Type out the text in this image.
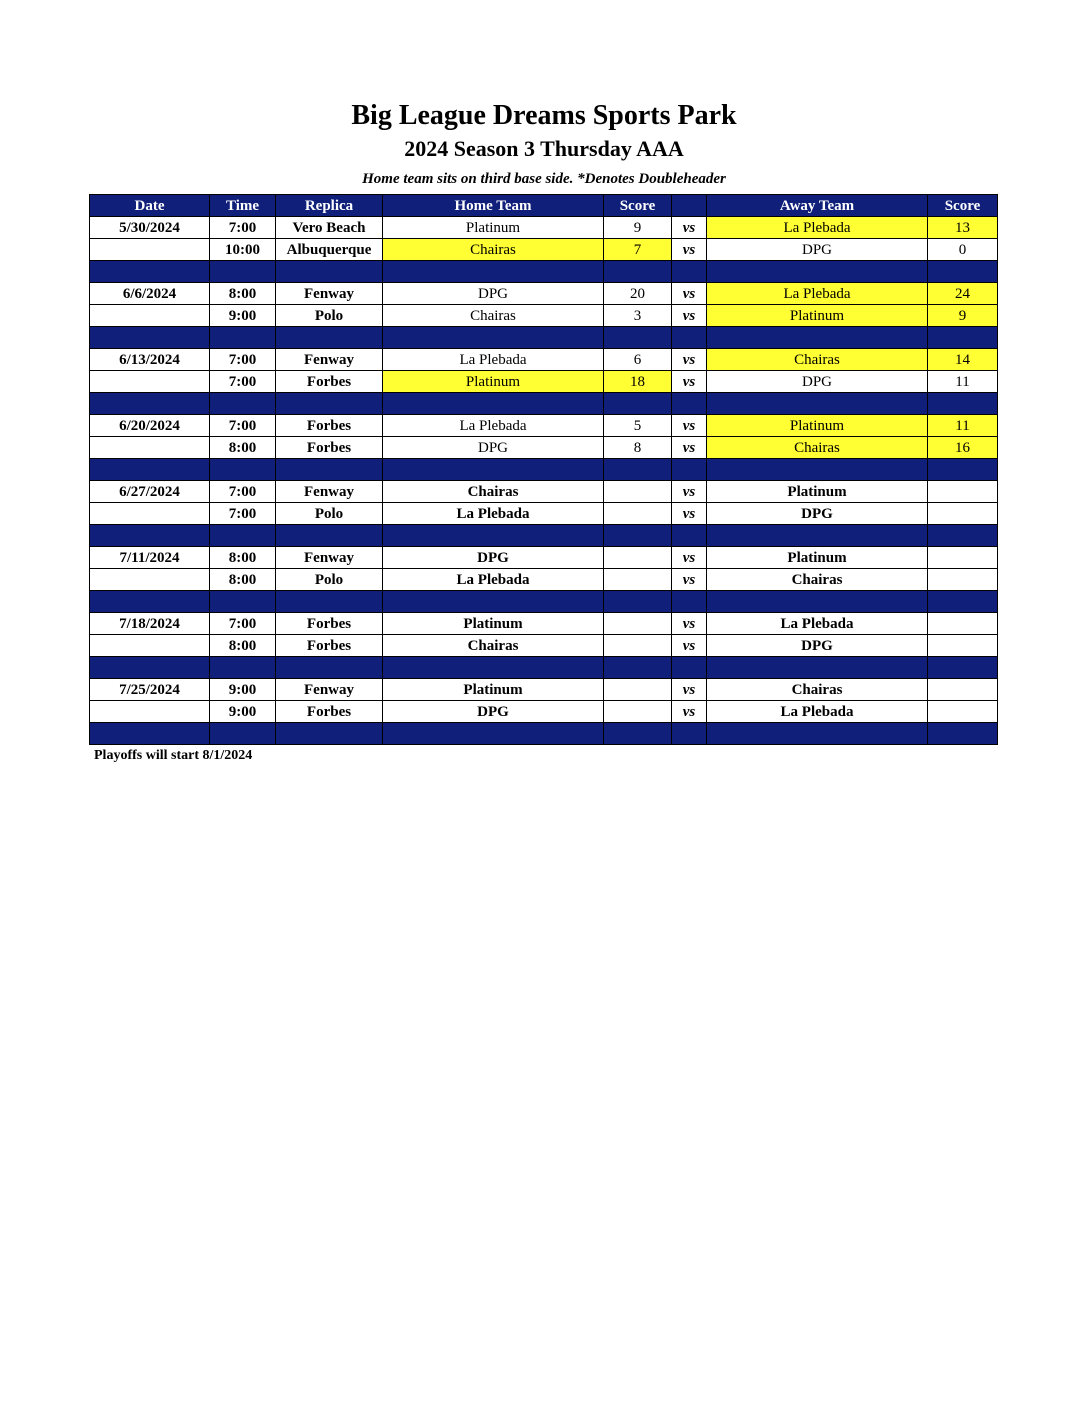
Big League Dreams Sports Park
2024 Season 3 Thursday AAA
Home team sits on third base side. *Denotes Doubleheader
Date	Time	Replica	Home Team	Score		Away Team	Score
5/30/2024	7:00	Vero Beach	Platinum	9	vs	La Plebada	13
	10:00	Albuquerque	Chairas	7	vs	DPG	0

6/6/2024	8:00	Fenway	DPG	20	vs	La Plebada	24
	9:00	Polo	Chairas	3	vs	Platinum	9

6/13/2024	7:00	Fenway	La Plebada	6	vs	Chairas	14
	7:00	Forbes	Platinum	18	vs	DPG	11

6/20/2024	7:00	Forbes	La Plebada	5	vs	Platinum	11
	8:00	Forbes	DPG	8	vs	Chairas	16

6/27/2024	7:00	Fenway	Chairas		vs	Platinum	
	7:00	Polo	La Plebada		vs	DPG	

7/11/2024	8:00	Fenway	DPG		vs	Platinum	
	8:00	Polo	La Plebada		vs	Chairas	

7/18/2024	7:00	Forbes	Platinum		vs	La Plebada	
	8:00	Forbes	Chairas		vs	DPG	

7/25/2024	9:00	Fenway	Platinum		vs	Chairas	
	9:00	Forbes	DPG		vs	La Plebada	

Playoffs will start 8/1/2024
